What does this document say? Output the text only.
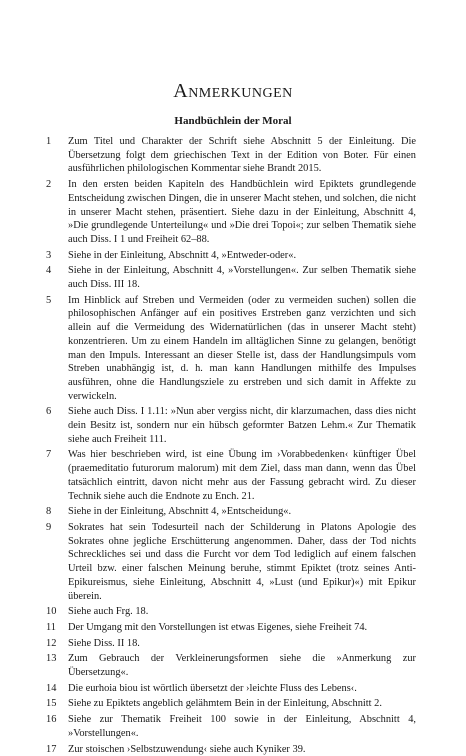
Anmerkungen
Handbüchlein der Moral
1 Zum Titel und Charakter der Schrift siehe Abschnitt 5 der Einleitung. Die Übersetzung folgt dem griechischen Text in der Edition von Boter. Für einen ausführlichen philologischen Kommentar siehe Brandt 2015.
2 In den ersten beiden Kapiteln des Handbüchlein wird Epiktets grundlegende Entscheidung zwischen Dingen, die in unserer Macht stehen, und solchen, die nicht in unserer Macht stehen, präsentiert. Siehe dazu in der Einleitung, Abschnitt 4, »Die grundlegende Unterteilung« und »Die drei Topoi«; zur selben Thematik siehe auch Diss. I 1 und Freiheit 62–88.
3 Siehe in der Einleitung, Abschnitt 4, »Entweder-oder«.
4 Siehe in der Einleitung, Abschnitt 4, »Vorstellungen«. Zur selben Thematik siehe auch Diss. III 18.
5 Im Hinblick auf Streben und Vermeiden (oder zu vermeiden suchen) sollen die philosophischen Anfänger auf ein positives Erstreben ganz verzichten und sich allein auf die Vermeidung des Widernatürlichen (das in unserer Macht steht) konzentrieren. Um zu einem Handeln im alltäglichen Sinne zu gelangen, benötigt man den Impuls. Interessant an dieser Stelle ist, dass der Handlungsimpuls vom Streben unabhängig ist, d. h. man kann Handlungen mithilfe des Impulses ausführen, ohne die Handlungsziele zu erstreben und sich damit in Affekte zu verwickeln.
6 Siehe auch Diss. I 1.11: »Nun aber vergiss nicht, dir klarzumachen, dass dies nicht dein Besitz ist, sondern nur ein hübsch geformter Batzen Lehm.« Zur Thematik siehe auch Freiheit 111.
7 Was hier beschrieben wird, ist eine Übung im ›Vorabbedenken‹ künftiger Übel (praemeditatio futurorum malorum) mit dem Ziel, dass man dann, wenn das Übel tatsächlich eintritt, davon nicht mehr aus der Fassung gebracht wird. Zu dieser Technik siehe auch die Endnote zu Ench. 21.
8 Siehe in der Einleitung, Abschnitt 4, »Entscheidung«.
9 Sokrates hat sein Todesurteil nach der Schilderung in Platons Apologie des Sokrates ohne jegliche Erschütterung angenommen. Daher, dass der Tod nichts Schreckliches sei und dass die Furcht vor dem Tod lediglich auf einem falschen Urteil bzw. einer falschen Meinung beruhe, stimmt Epiktet (trotz seines Anti-Epikureismus, siehe Einleitung, Abschnitt 4, »Lust (und Epikur)«) mit Epikur überein.
10 Siehe auch Frg. 18.
11 Der Umgang mit den Vorstellungen ist etwas Eigenes, siehe Freiheit 74.
12 Siehe Diss. II 18.
13 Zum Gebrauch der Verkleinerungsformen siehe die »Anmerkung zur Übersetzung«.
14 Die eurhoia biou ist wörtlich übersetzt der ›leichte Fluss des Lebens‹.
15 Siehe zu Epiktets angeblich gelähmtem Bein in der Einleitung, Abschnitt 2.
16 Siehe zur Thematik Freiheit 100 sowie in der Einleitung, Abschnitt 4, »Vorstellungen«.
17 Zur stoischen ›Selbstzuwendung‹ siehe auch Kyniker 39.
